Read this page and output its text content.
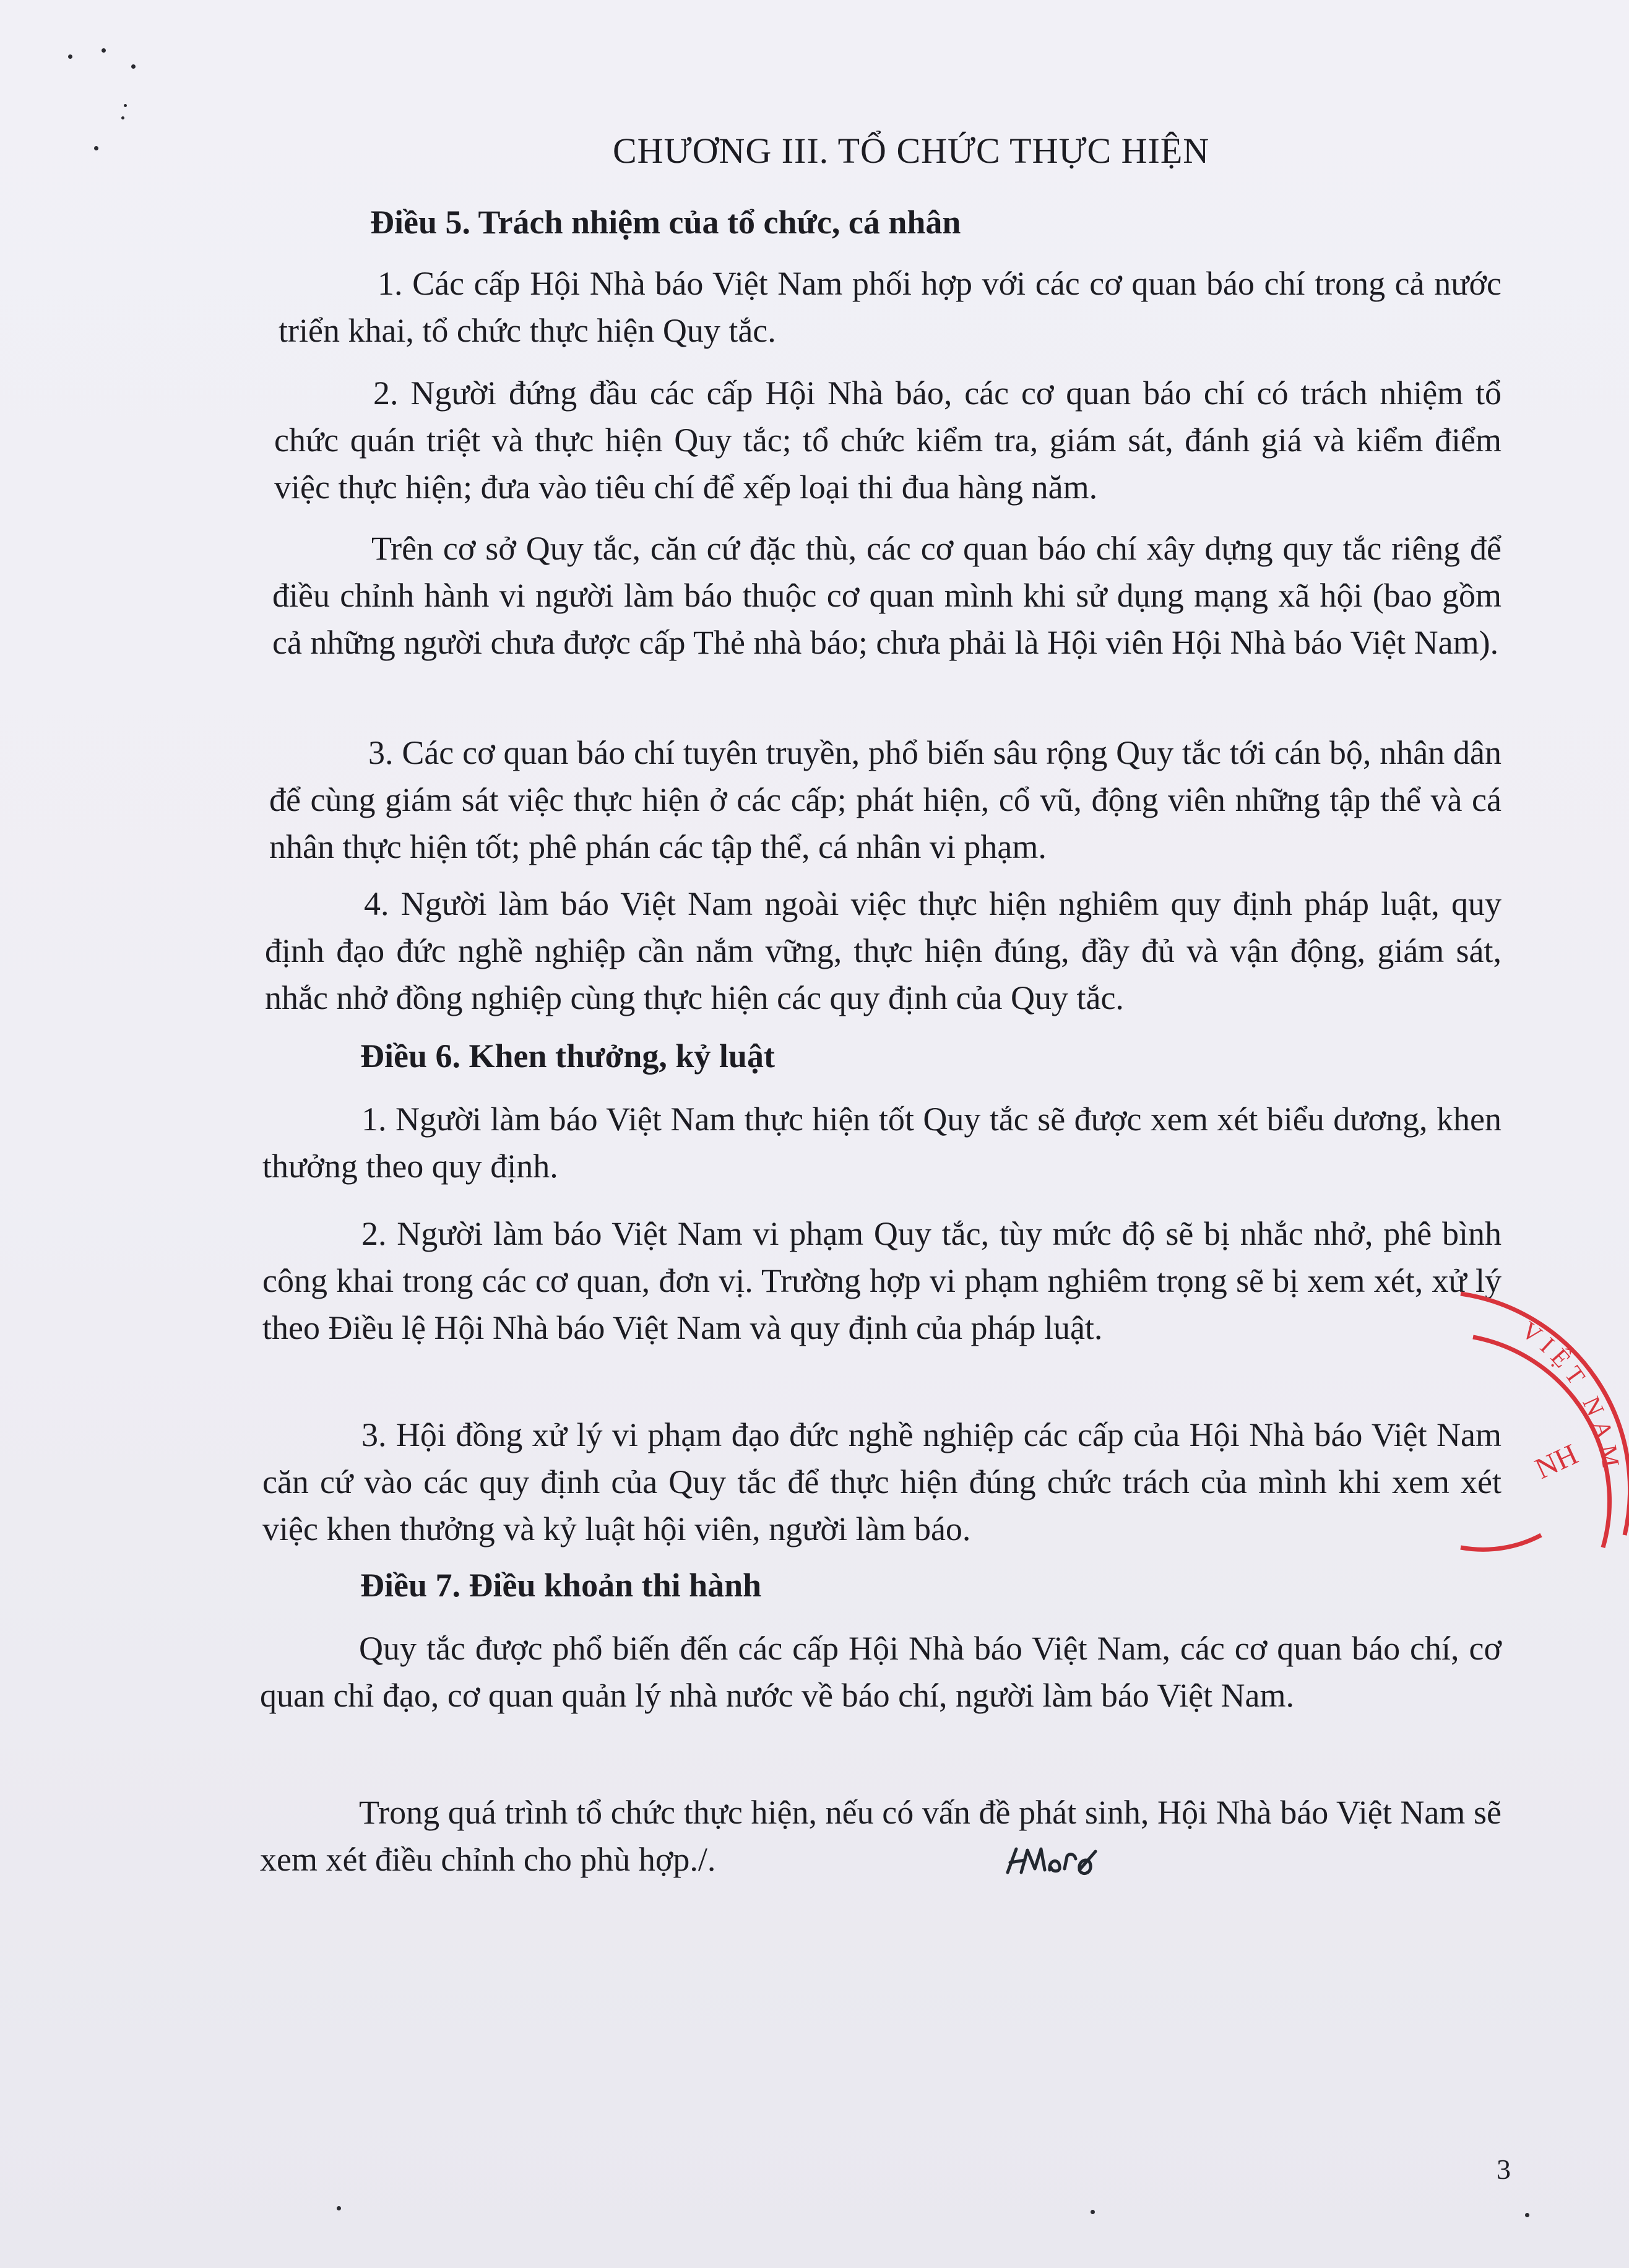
CHƯƠNG III. TỔ CHỨC THỰC HIỆN
Điều 5. Trách nhiệm của tổ chức, cá nhân
1. Các cấp Hội Nhà báo Việt Nam phối hợp với các cơ quan báo chí trong cả nước triển khai, tổ chức thực hiện Quy tắc.
2. Người đứng đầu các cấp Hội Nhà báo, các cơ quan báo chí có trách nhiệm tổ chức quán triệt và thực hiện Quy tắc; tổ chức kiểm tra, giám sát, đánh giá và kiểm điểm việc thực hiện; đưa vào tiêu chí để xếp loại thi đua hàng năm.
Trên cơ sở Quy tắc, căn cứ đặc thù, các cơ quan báo chí xây dựng quy tắc riêng để điều chỉnh hành vi người làm báo thuộc cơ quan mình khi sử dụng mạng xã hội (bao gồm cả những người chưa được cấp Thẻ nhà báo; chưa phải là Hội viên Hội Nhà báo Việt Nam).
3. Các cơ quan báo chí tuyên truyền, phổ biến sâu rộng Quy tắc tới cán bộ, nhân dân để cùng giám sát việc thực hiện ở các cấp; phát hiện, cổ vũ, động viên những tập thể và cá nhân thực hiện tốt; phê phán các tập thể, cá nhân vi phạm.
4. Người làm báo Việt Nam ngoài việc thực hiện nghiêm quy định pháp luật, quy định đạo đức nghề nghiệp cần nắm vững, thực hiện đúng, đầy đủ và vận động, giám sát, nhắc nhở đồng nghiệp cùng thực hiện các quy định của Quy tắc.
Điều 6. Khen thưởng, kỷ luật
1. Người làm báo Việt Nam thực hiện tốt Quy tắc sẽ được xem xét biểu dương, khen thưởng theo quy định.
2. Người làm báo Việt Nam vi phạm Quy tắc, tùy mức độ sẽ bị nhắc nhở, phê bình công khai trong các cơ quan, đơn vị. Trường hợp vi phạm nghiêm trọng sẽ bị xem xét, xử lý theo Điều lệ Hội Nhà báo Việt Nam và quy định của pháp luật.
3. Hội đồng xử lý vi phạm đạo đức nghề nghiệp các cấp của Hội Nhà báo Việt Nam căn cứ vào các quy định của Quy tắc để thực hiện đúng chức trách của mình khi xem xét việc khen thưởng và kỷ luật hội viên, người làm báo.
Điều 7. Điều khoản thi hành
Quy tắc được phổ biến đến các cấp Hội Nhà báo Việt Nam, các cơ quan báo chí, cơ quan chỉ đạo, cơ quan quản lý nhà nước về báo chí, người làm báo Việt Nam.
Trong quá trình tổ chức thực hiện, nếu có vấn đề phát sinh, Hội Nhà báo Việt Nam sẽ xem xét điều chỉnh cho phù hợp./.
3
VIỆT NAM
NH
